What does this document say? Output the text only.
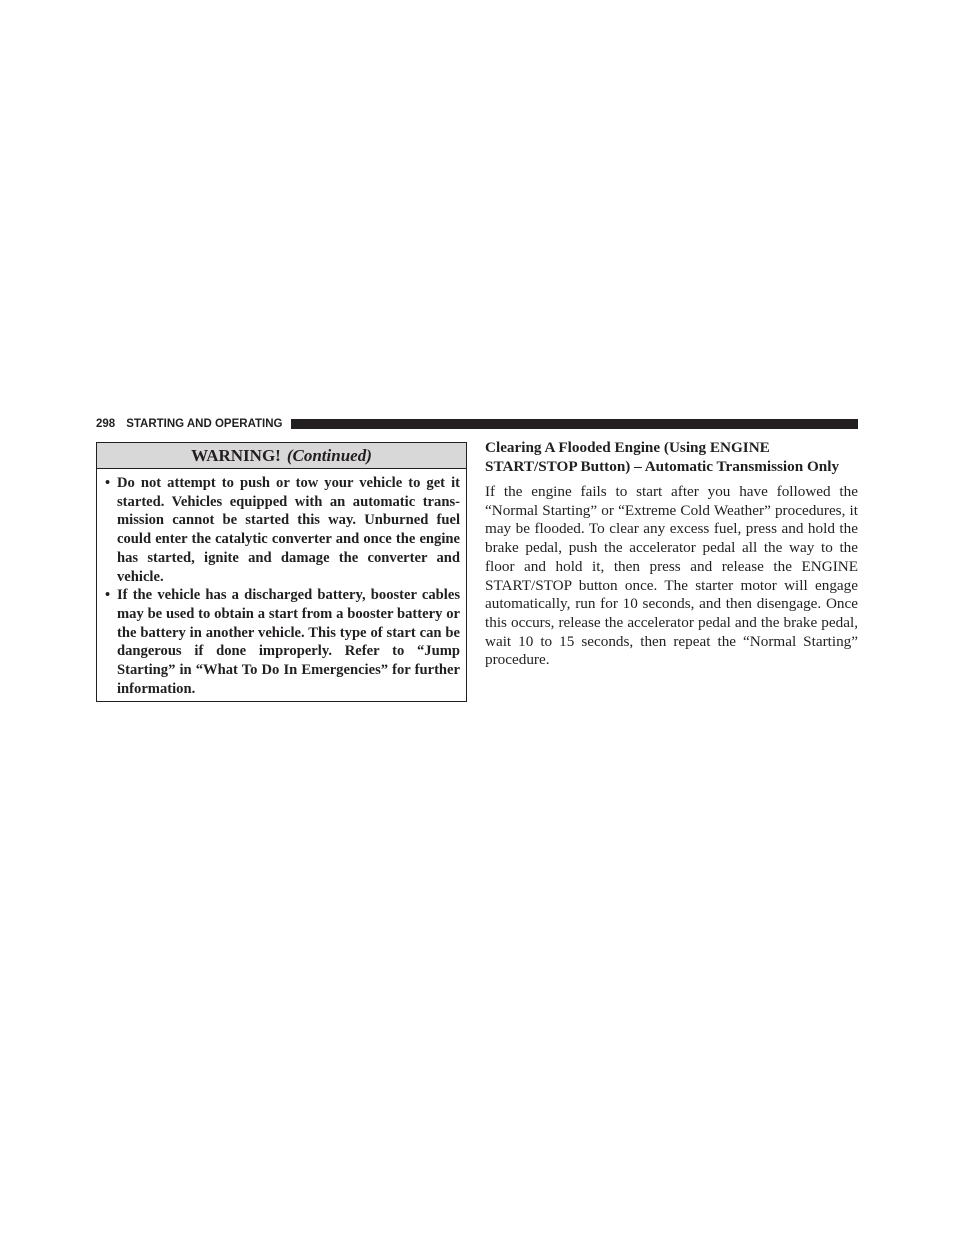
298 STARTING AND OPERATING
WARNING! (Continued)
• Do not attempt to push or tow your vehicle to get it started. Vehicles equipped with an automatic transmission cannot be started this way. Unburned fuel could enter the catalytic converter and once the engine has started, ignite and damage the converter and vehicle.
• If the vehicle has a discharged battery, booster cables may be used to obtain a start from a booster battery or the battery in another vehicle. This type of start can be dangerous if done improperly. Refer to “Jump Starting” in “What To Do In Emergencies” for further information.
Clearing A Flooded Engine (Using ENGINE START/STOP Button) – Automatic Transmission Only

If the engine fails to start after you have followed the “Normal Starting” or “Extreme Cold Weather” procedures, it may be flooded. To clear any excess fuel, press and hold the brake pedal, push the accelerator pedal all the way to the floor and hold it, then press and release the ENGINE START/STOP button once. The starter motor will engage automatically, run for 10 seconds, and then disengage. Once this occurs, release the accelerator pedal and the brake pedal, wait 10 to 15 seconds, then repeat the “Normal Starting” procedure.
